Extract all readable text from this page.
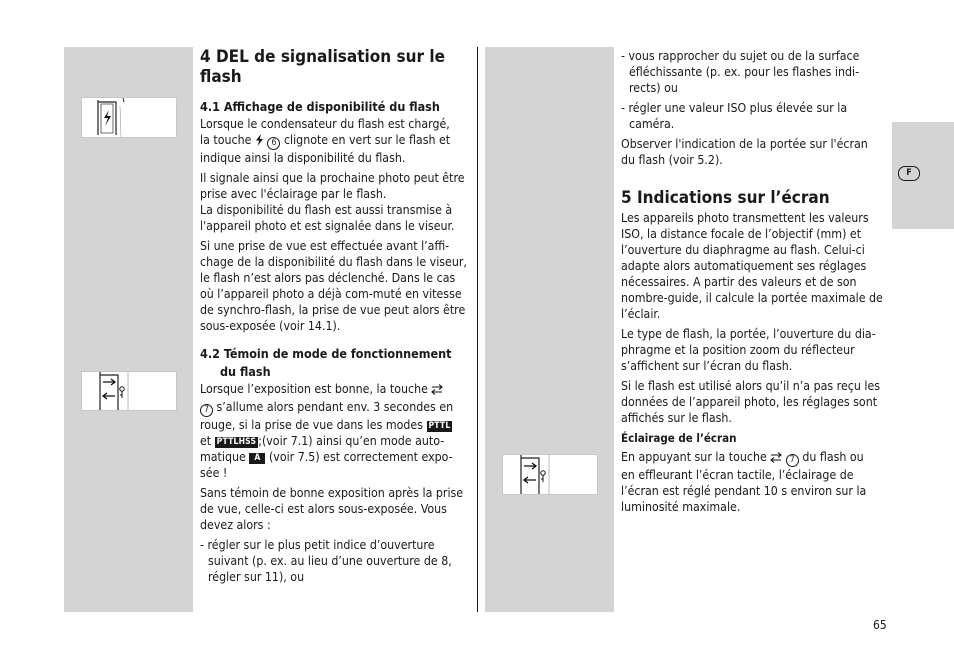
4 DEL de signalisation sur le flash
4.1 Affichage de disponibilité du flash

Lorsque le condensateur du flash est chargé,

la touche 6 clignote en vert sur le flash et

indique ainsi la disponibilité du flash.

Il signale ainsi que la prochaine photo peut être prise avec l'éclairage par le flash.

La disponibilité du flash est aussi transmise à l'appareil photo et est signalée dans le viseur.

Si une prise de vue est effectuée avant l’affi-chage de la disponibilité du flash dans le viseur, le flash n’est alors pas déclenché. Dans le cas où l’appareil photo a déjà com-muté en vitesse de synchro-flash, la prise de vue peut alors être sous-exposée (voir 14.1).

4.2 Témoin de mode de fonctionnement
du flash

Lorsque l’exposition est bonne, la touche

7 s’allume alors pendant env. 3 secondes en

rouge, si la prise de vue dans les modes PTTL

et PTTLHSS ;(voir 7.1) ainsi qu’en mode auto-

matique A (voir 7.5) est correctement expo-

sée !

Sans témoin de bonne exposition après la prise de vue, celle-ci est alors sous-exposée. Vous devez alors :

- régler sur le plus petit indice d’ouverture suivant (p. ex. au lieu d’une ouverture de 8, régler sur 11), ou

- vous rapprocher du sujet ou de la surface éfléchissante (p. ex. pour les flashes indi-rects) ou

- régler une valeur ISO plus élevée sur la caméra.

Observer l'indication de la portée sur l'écran du flash (voir 5.2).

5 Indications sur l’écran

Les appareils photo transmettent les valeurs ISO, la distance focale de l’objectif (mm) et l’ouverture du diaphragme au flash. Celui-ci adapte alors automatiquement ses réglages nécessaires. A partir des valeurs et de son nombre-guide, il calcule la portée maximale de l’éclair.

Le type de flash, la portée, l’ouverture du dia-phragme et la position zoom du réflecteur s’affichent sur l’écran du flash.

Si le flash est utilisé alors qu’il n’a pas reçu les données de l’appareil photo, les réglages sont affichés sur le flash.

Éclairage de l’écran

En appuyant sur la touche	7 du flash ou

en effleurant l’écran tactile, l’éclairage de

l’écran est réglé pendant 10 s environ sur la

luminosité maximale.

F
65
